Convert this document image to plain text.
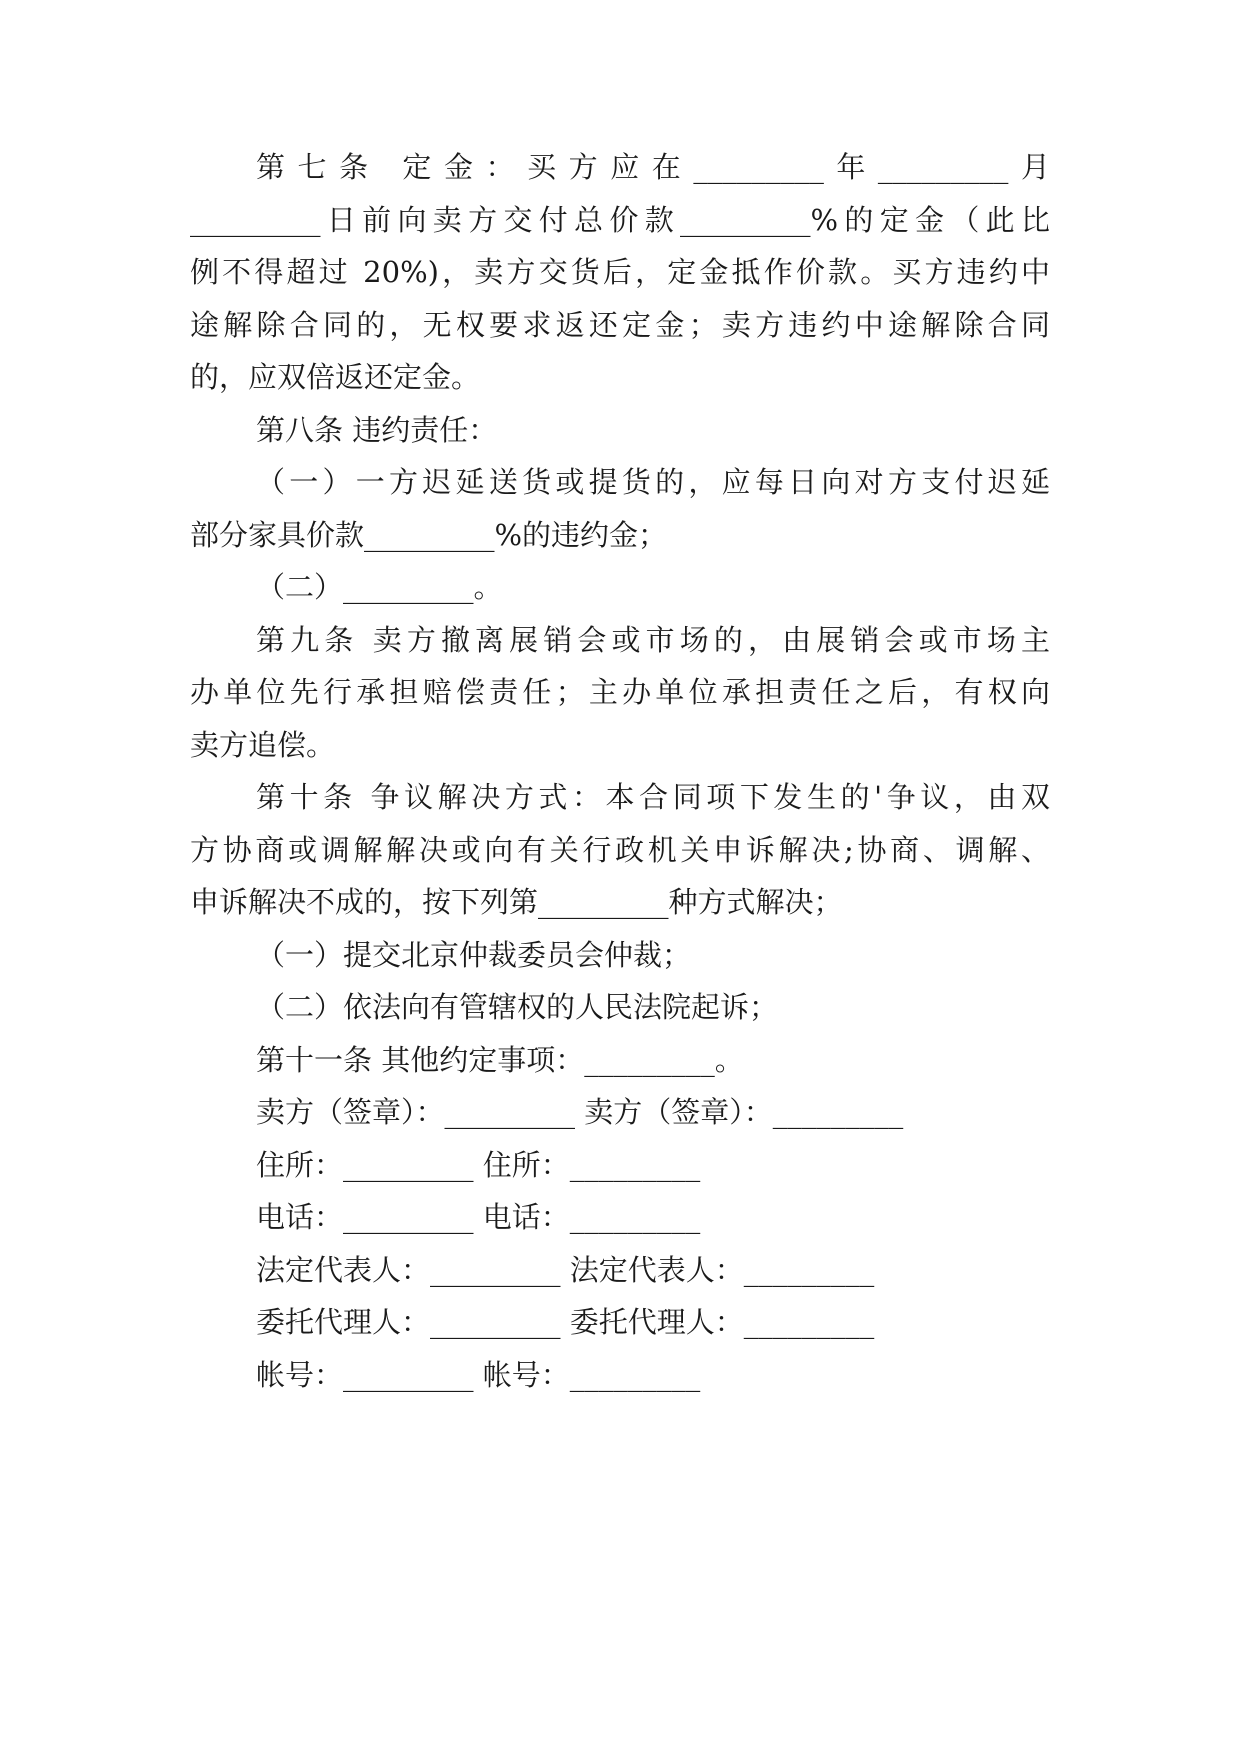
第七条 定金：买方应在_________年_________月
_________日前向卖方交付总价款_________%的定金（此比
例不得超过 20%)，卖方交货后，定金抵作价款。买方违约中
途解除合同的，无权要求返还定金；卖方违约中途解除合同
的，应双倍返还定金。
第八条 违约责任：
（一）一方迟延送货或提货的，应每日向对方支付迟延
部分家具价款_________%的违约金；
（二）_________。
第九条 卖方撤离展销会或市场的，由展销会或市场主
办单位先行承担赔偿责任；主办单位承担责任之后，有权向
卖方追偿。
第十条 争议解决方式：本合同项下发生的'争议，由双
方协商或调解解决或向有关行政机关申诉解决;协商、调解、
申诉解决不成的，按下列第_________种方式解决；
（一）提交北京仲裁委员会仲裁；
（二）依法向有管辖权的人民法院起诉；
第十一条 其他约定事项：_________。
卖方（签章）：_________ 卖方（签章）：_________
住所：_________ 住所：_________
电话：_________ 电话：_________
法定代表人：_________ 法定代表人：_________
委托代理人：_________ 委托代理人：_________
帐号：_________ 帐号：_________
